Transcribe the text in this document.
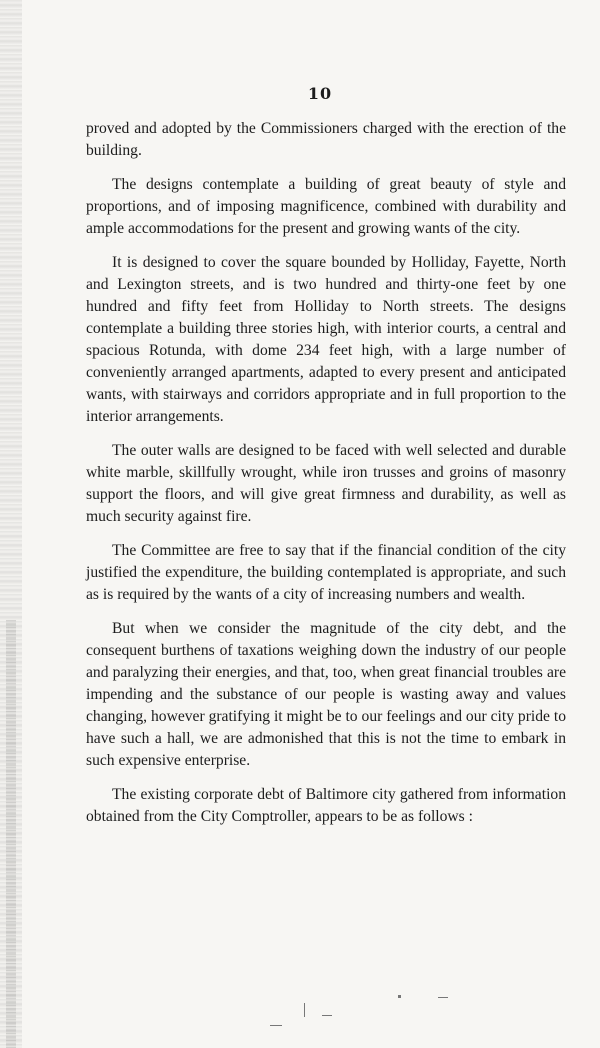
10

proved and adopted by the Commissioners charged with the erection of the building.

The designs contemplate a building of great beauty of style and proportions, and of imposing magnificence, combined with durability and ample accommodations for the present and growing wants of the city.

It is designed to cover the square bounded by Holliday, Fayette, North and Lexington streets, and is two hundred and thirty-one feet by one hundred and fifty feet from Holliday to North streets. The designs contemplate a building three stories high, with interior courts, a central and spacious Rotunda, with dome 234 feet high, with a large number of conveniently arranged apartments, adapted to every present and anticipated wants, with stairways and corridors appropriate and in full proportion to the interior arrangements.

The outer walls are designed to be faced with well selected and durable white marble, skillfully wrought, while iron trusses and groins of masonry support the floors, and will give great firmness and durability, as well as much security against fire.

The Committee are free to say that if the financial condition of the city justified the expenditure, the building contemplated is appropriate, and such as is required by the wants of a city of increasing numbers and wealth.

But when we consider the magnitude of the city debt, and the consequent burthens of taxations weighing down the industry of our people and paralyzing their energies, and that, too, when great financial troubles are impending and the substance of our people is wasting away and values changing, however gratifying it might be to our feelings and our city pride to have such a hall, we are admonished that this is not the time to embark in such expensive enterprise.

The existing corporate debt of Baltimore city gathered from information obtained from the City Comptroller, appears to be as follows :
